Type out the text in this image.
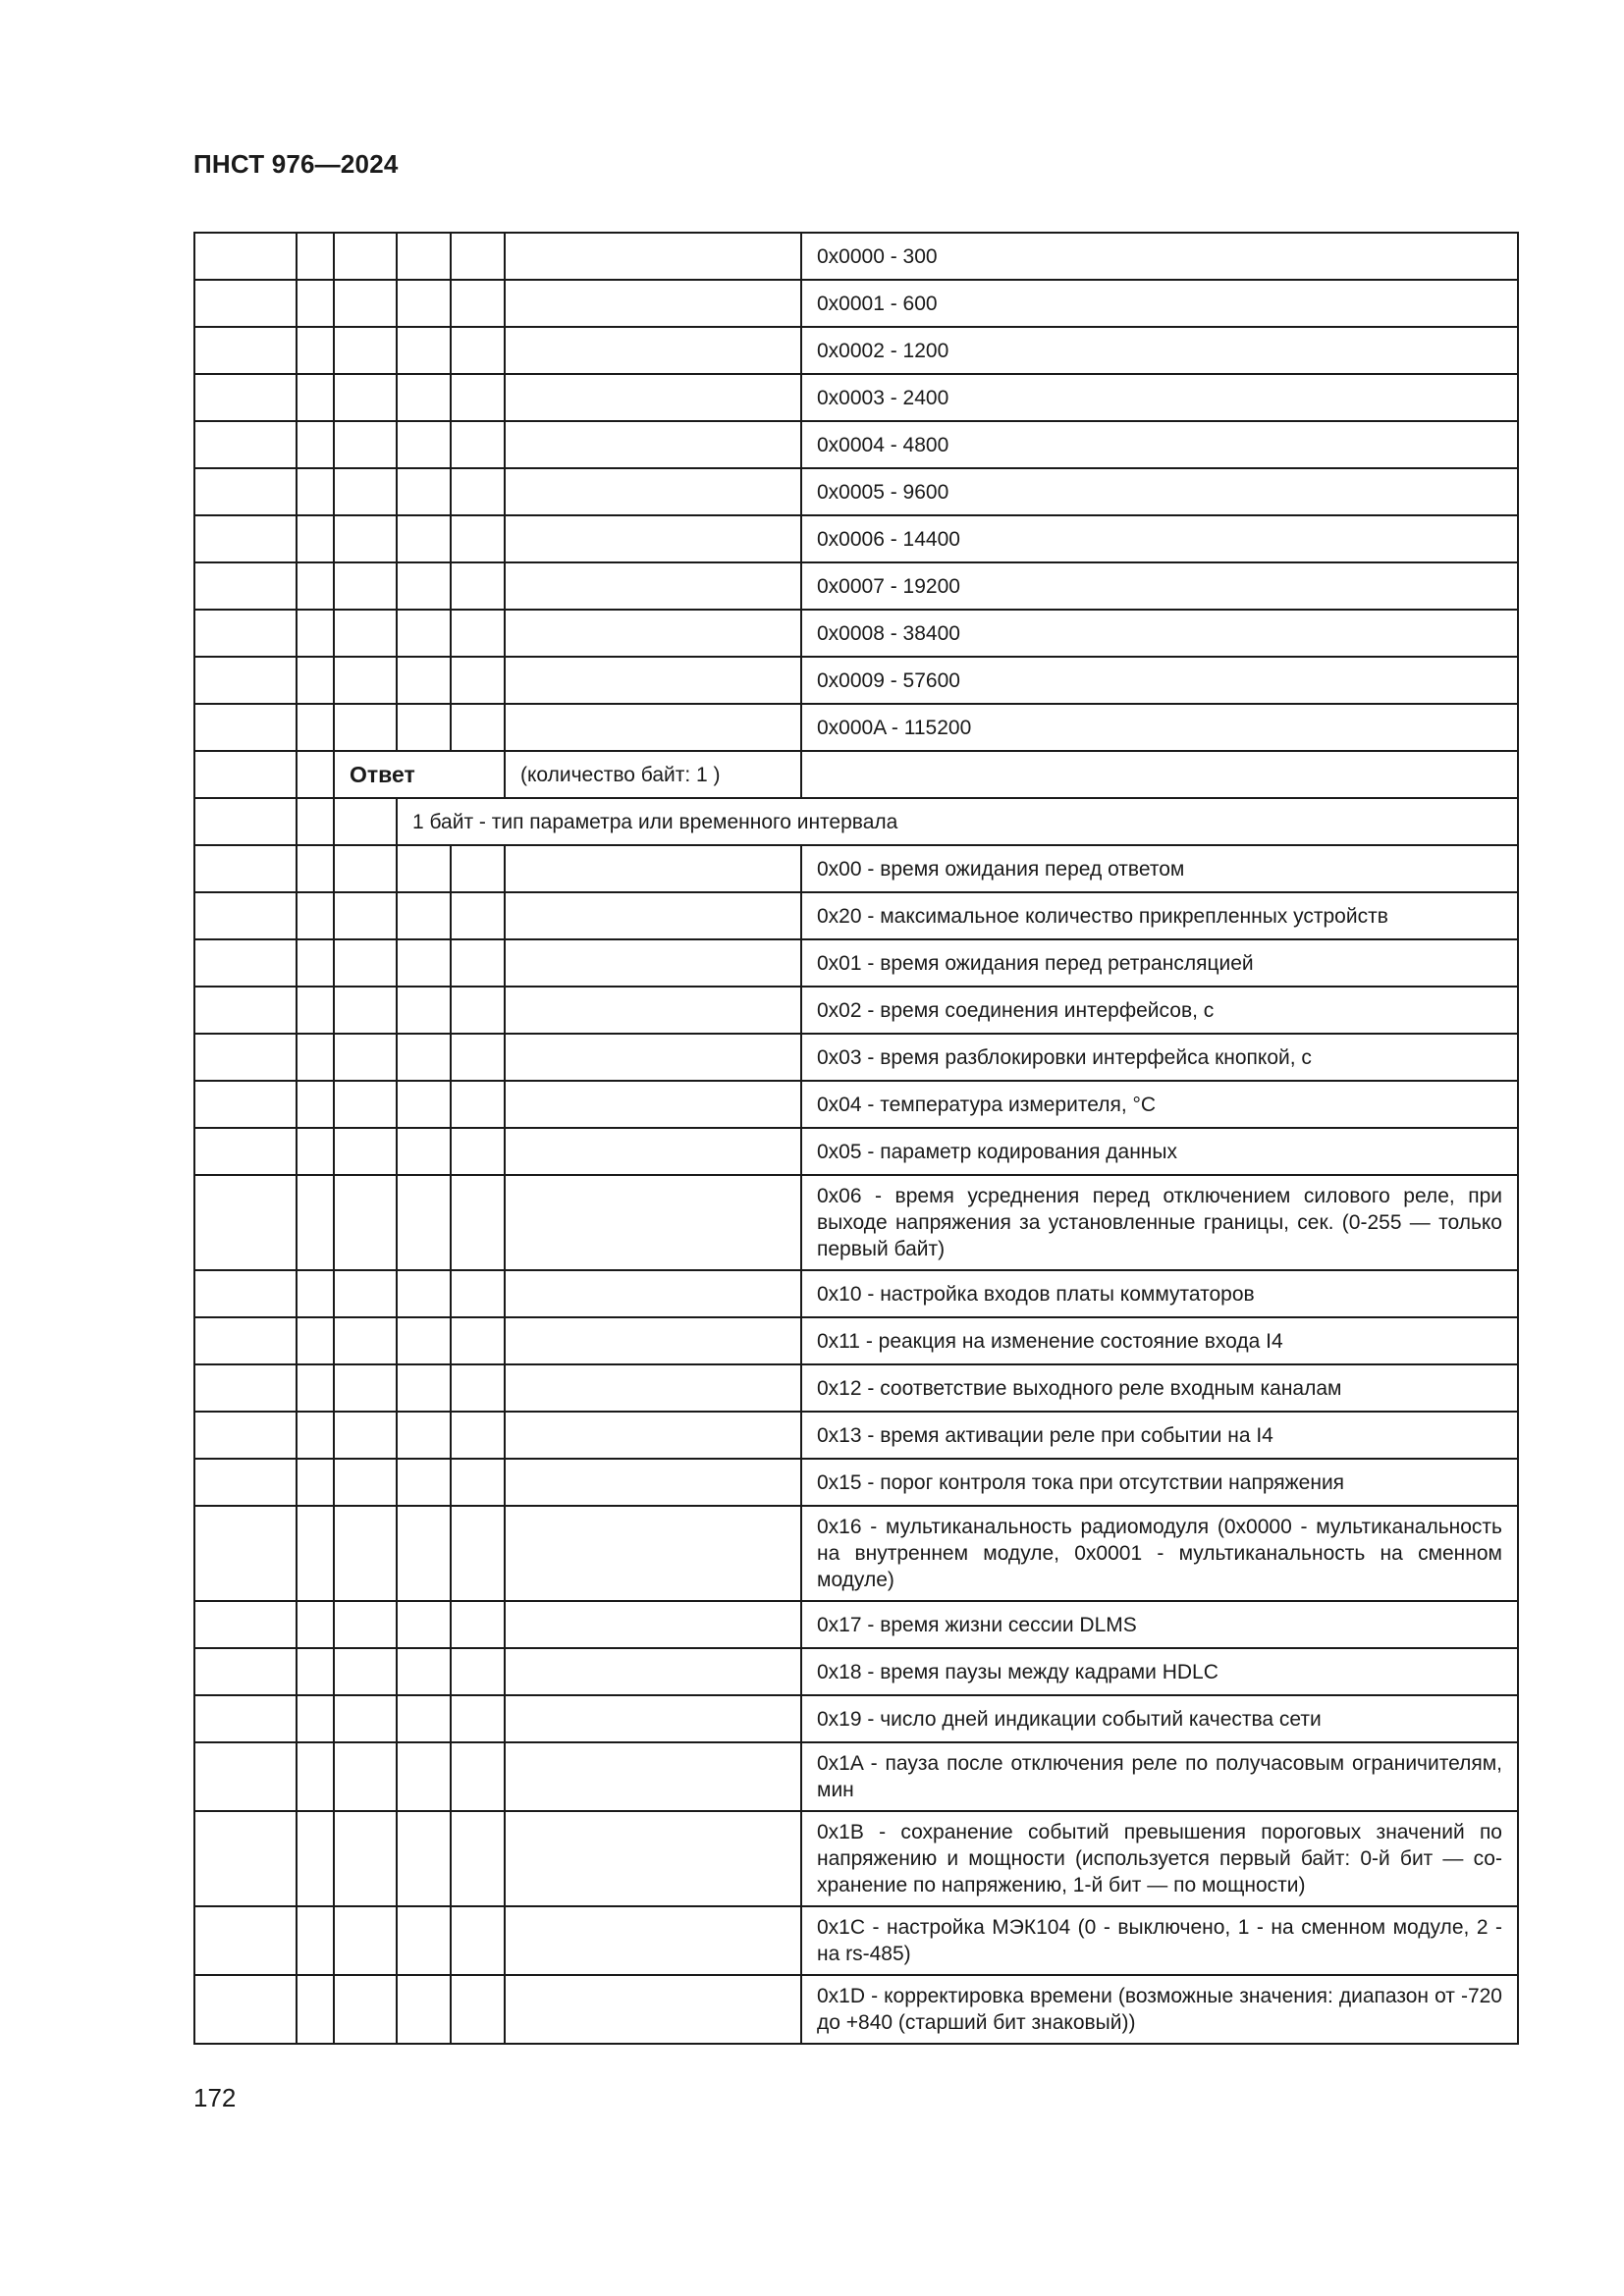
ПНСТ 976—2024
						0x0000 - 300
						0x0001 - 600
						0x0002 - 1200
						0x0003 - 2400
						0x0004 - 4800
						0x0005 - 9600
						0x0006 - 14400
						0x0007 - 19200
						0x0008 - 38400
						0x0009 - 57600
						0x000A - 115200
		Ответ			(количество байт: 1 )	
			1 байт - тип параметра или временного интервала			
						0x00 - время ожидания перед ответом
						0x20 - максимальное количество прикрепленных устройств
						0x01 - время ожидания перед ретрансляцией
						0x02 - время соединения интерфейсов, с
						0x03 - время разблокировки интерфейса кнопкой, с
						0x04 - температура измерителя, °С
						0x05 - параметр кодирования данных
						0x06 - время усреднения перед отключением силового реле, при выходе напряжения за установленные границы, сек. (0-255 — только первый байт)
						0x10 - настройка входов платы коммутаторов
						0x11 - реакция на изменение состояние входа I4
						0x12 - соответствие выходного реле входным каналам
						0x13 - время активации реле при событии на I4
						0x15 - порог контроля тока при отсутствии напряжения
						0x16 - мультиканальность радиомодуля (0x0000 - мультиканальность на внутреннем модуле, 0x0001 - мультиканальность на сменном модуле)
						0x17 - время жизни сессии DLMS
						0x18 - время паузы между кадрами HDLC
						0x19 - число дней индикации событий качества сети
						0x1A - пауза после отключения реле по получасовым ограничителям, мин
						0x1B - сохранение событий превышения пороговых значений по напряжению и мощности (используется первый байт: 0-й бит — сохранение по напряжению, 1-й бит — по мощности)
						0x1C - настройка МЭК104 (0 - выключено, 1 - на сменном модуле, 2 - на rs-485)
						0x1D - корректировка времени (возможные значения: диапазон от -720 до +840 (старший бит знаковый))
172
